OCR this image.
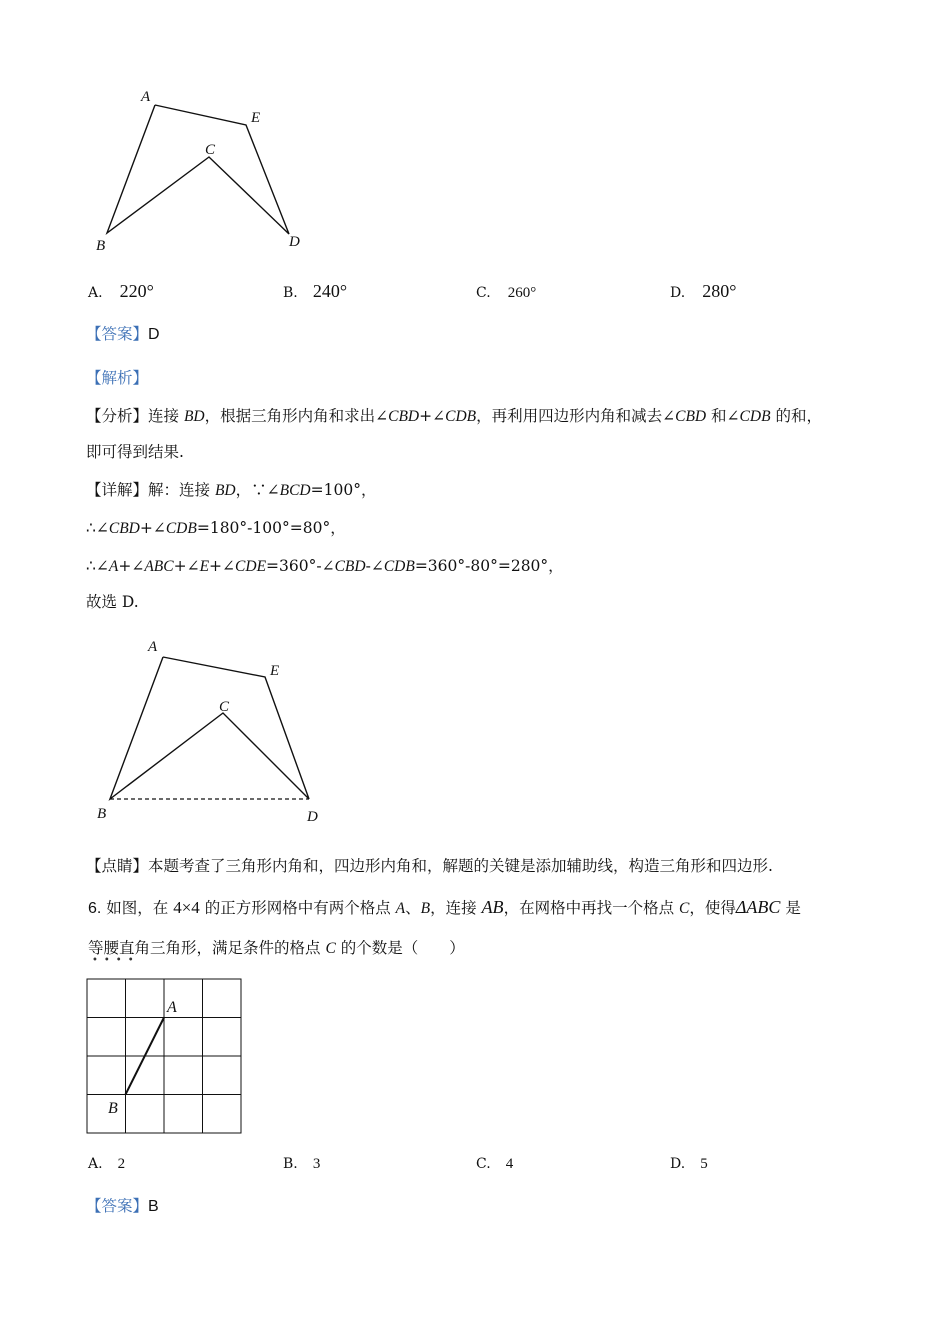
A
E
C
B	D
A. 220°	B. 240°	C. 260°	D. 280°
【答案】D
【解析】
【分析】连接 BD，根据三角形内角和求出∠CBD+∠CDB，再利用四边形内角和减去∠CBD 和∠CDB 的和，
即可得到结果.
【详解】解：连接 BD，∵∠BCD=100°，
∴∠CBD+∠CDB=180°-100°=80°，
∴∠A+∠ABC+∠E+∠CDE=360°-∠CBD-∠CDB=360°-80°=280°，
故选 D.
A
E
C
B	D
【点睛】本题考查了三角形内角和，四边形内角和，解题的关键是添加辅助线，构造三角形和四边形.
6. 如图，在 4×4 的正方形网格中有两个格点 A、B，连接 AB，在网格中再找一个格点 C，使得ΔABC 是
等腰直角三角形，满足条件的格点 C 的个数是（　　）
••••
A
B
A. 2	B. 3	C. 4	D. 5
【答案】B
